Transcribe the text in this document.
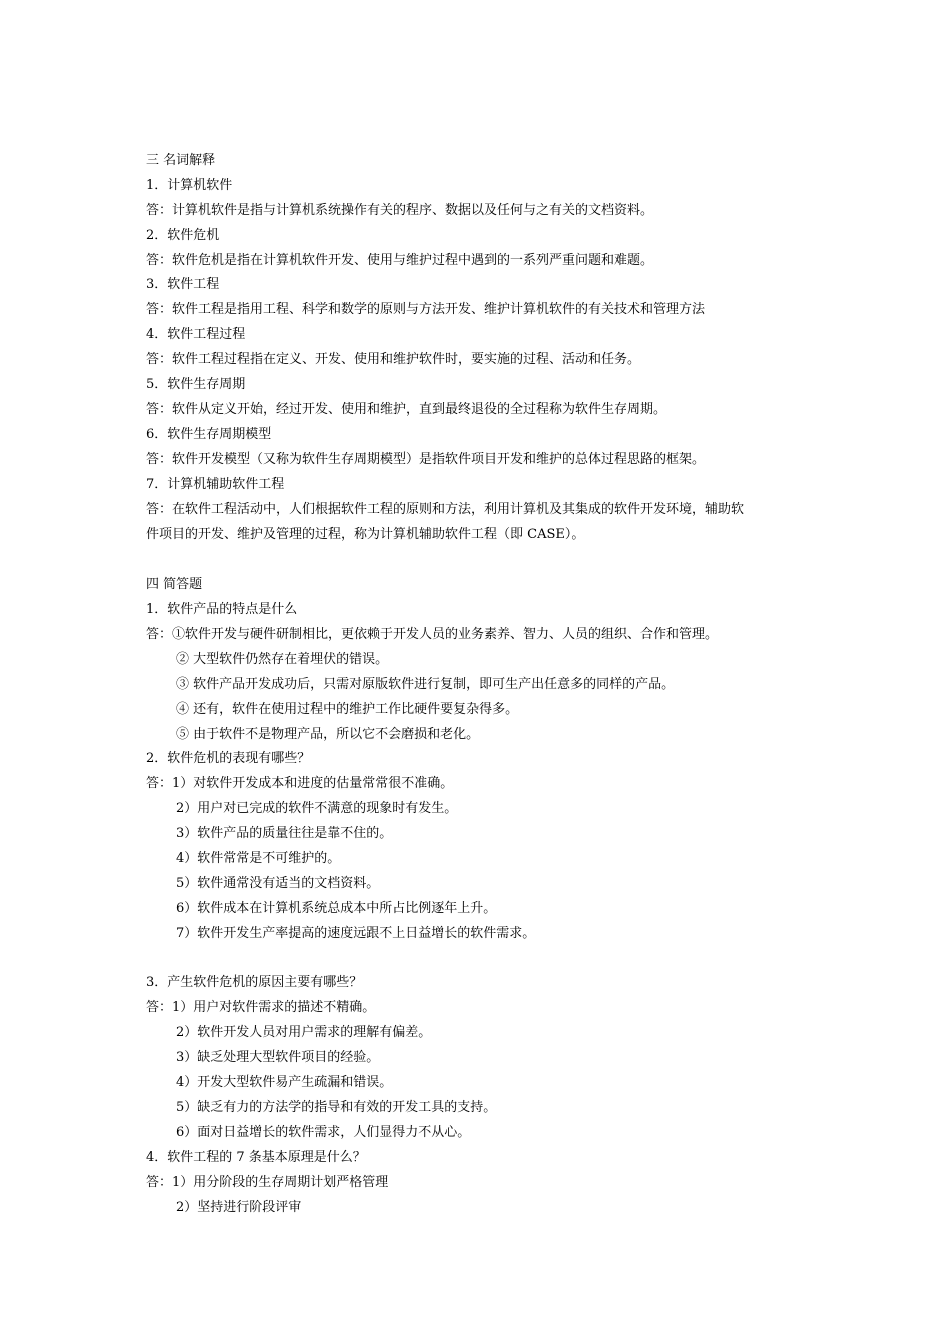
三 名词解释
1．计算机软件
答：计算机软件是指与计算机系统操作有关的程序、数据以及任何与之有关的文档资料。
2．软件危机
答：软件危机是指在计算机软件开发、使用与维护过程中遇到的一系列严重问题和难题。
3．软件工程
答：软件工程是指用工程、科学和数学的原则与方法开发、维护计算机软件的有关技术和管理方法
4．软件工程过程
答：软件工程过程指在定义、开发、使用和维护软件时，要实施的过程、活动和任务。
5．软件生存周期
答：软件从定义开始，经过开发、使用和维护，直到最终退役的全过程称为软件生存周期。
6．软件生存周期模型
答：软件开发模型（又称为软件生存周期模型）是指软件项目开发和维护的总体过程思路的框架。
7．计算机辅助软件工程
答：在软件工程活动中，人们根据软件工程的原则和方法，利用计算机及其集成的软件开发环境，辅助软
件项目的开发、维护及管理的过程，称为计算机辅助软件工程（即 CASE）。
四 简答题
1．软件产品的特点是什么
答：①软件开发与硬件研制相比，更依赖于开发人员的业务素养、智力、人员的组织、合作和管理。
② 大型软件仍然存在着埋伏的错误。
③ 软件产品开发成功后，只需对原版软件进行复制，即可生产出任意多的同样的产品。
④ 还有，软件在使用过程中的维护工作比硬件要复杂得多。
⑤ 由于软件不是物理产品，所以它不会磨损和老化。
2．软件危机的表现有哪些？
答：1）对软件开发成本和进度的估量常常很不准确。
2）用户对已完成的软件不满意的现象时有发生。
3）软件产品的质量往往是靠不住的。
4）软件常常是不可维护的。
5）软件通常没有适当的文档资料。
6）软件成本在计算机系统总成本中所占比例逐年上升。
7）软件开发生产率提高的速度远跟不上日益增长的软件需求。
3．产生软件危机的原因主要有哪些？
答：1）用户对软件需求的描述不精确。
2）软件开发人员对用户需求的理解有偏差。
3）缺乏处理大型软件项目的经验。
4）开发大型软件易产生疏漏和错误。
5）缺乏有力的方法学的指导和有效的开发工具的支持。
6）面对日益增长的软件需求，人们显得力不从心。
4．软件工程的 7 条基本原理是什么？
答：1）用分阶段的生存周期计划严格管理
2）坚持进行阶段评审
